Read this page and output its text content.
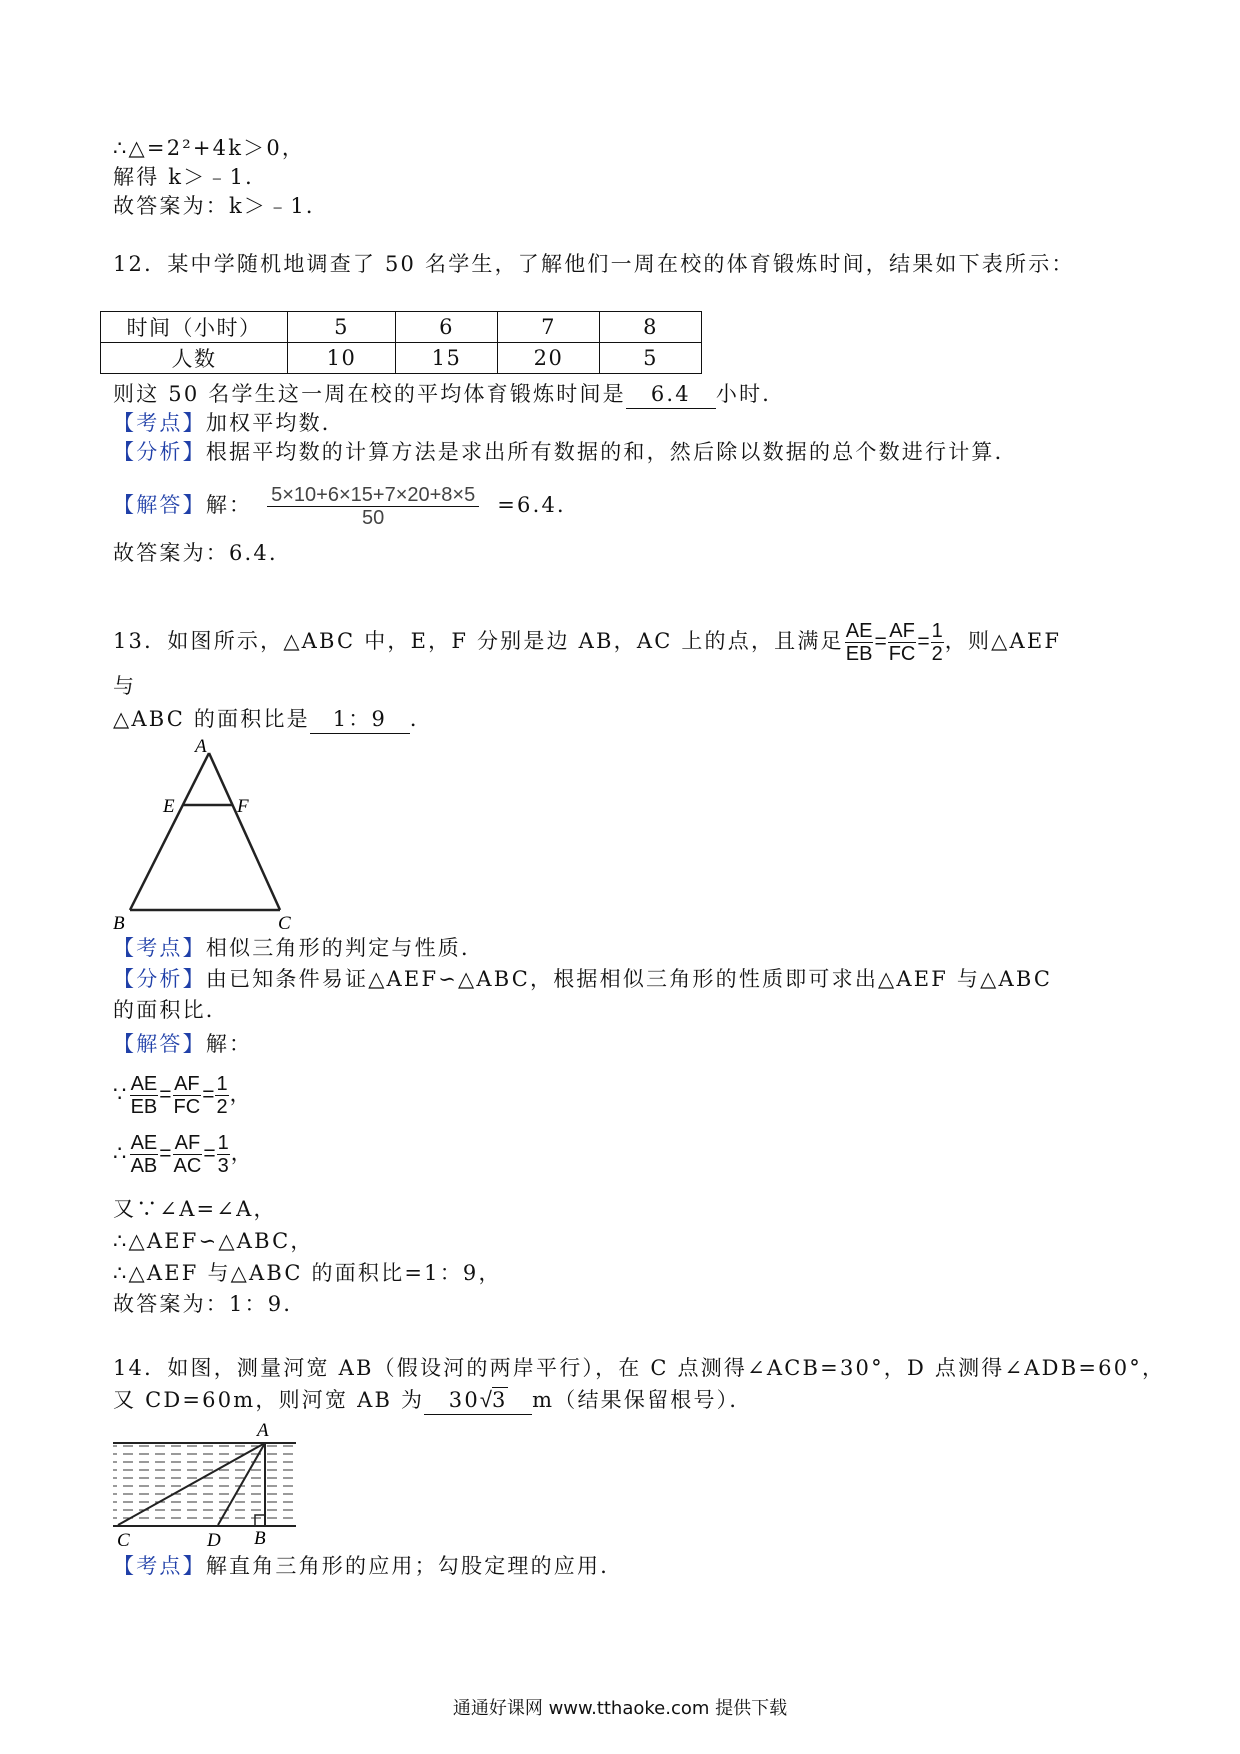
∴△=2²+4k＞0，
解得 k＞﹣1．
故答案为：k＞﹣1．
12．某中学随机地调查了 50 名学生，了解他们一周在校的体育锻炼时间，结果如下表所示：
时间（小时）	5	6	7	8
人数	10	15	20	5
则这 50 名学生这一周在校的平均体育锻炼时间是 6.4 小时．
【考点】加权平均数．
【分析】根据平均数的计算方法是求出所有数据的和，然后除以数据的总个数进行计算．
【解答】解： $\frac{5\times 10+6\times 15+7\times 20+8\times 5}{50} =6.4$．
故答案为：6.4．
13．如图所示，△ABC 中，E，F 分别是边 AB，AC 上的点，且满足 $\frac{AE}{EB} = \frac{AF}{FC} = \frac{1}{2}$ ，则△AEF
与
△ABC 的面积比是 1：9 ．
A
E	F
B	C
【考点】相似三角形的判定与性质．
【分析】由已知条件易证△AEF∽△ABC，根据相似三角形的性质即可求出△AEF 与△ABC
的面积比．
【解答】解：
∵ $\frac{AE}{EB} = \frac{AF}{FC} = \frac{1}{2}$ ，
∴ $\frac{AE}{AB} = \frac{AF}{AC} = \frac{1}{3}$ ，
又∵∠A=∠A，
∴△AEF∽△ABC，
∴△AEF 与△ABC 的面积比=1：9，
故答案为：1：9．
14．如图，测量河宽 AB（假设河的两岸平行），在 C 点测得∠ACB=30°，D 点测得∠ADB=60°，
又 CD=60m，则河宽 AB 为 30√3 m（结果保留根号）．
A
B
C	D
【考点】解直角三角形的应用；勾股定理的应用．
通通好课网 www.tthaoke.com 提供下载
